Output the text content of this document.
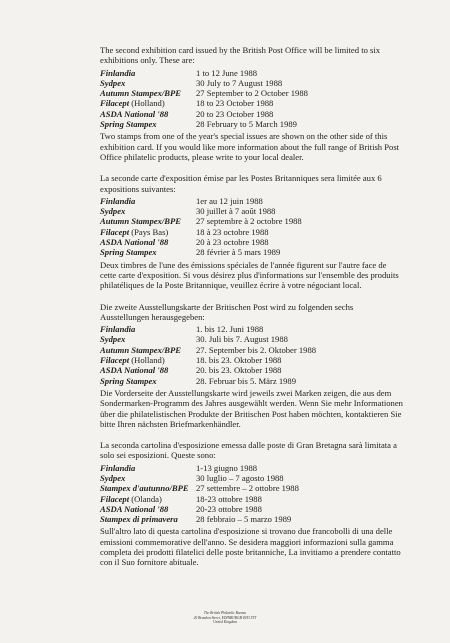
The second exhibition card issued by the British Post Office will be limited to six exhibitions only. These are:

Finlandia	1 to 12 June 1988
Sydpex	30 July to 7 August 1988
Autumn Stampex/BPE	27 September to 2 October 1988
Filacept (Holland)	18 to 23 October 1988
ASDA National '88	20 to 23 October 1988
Spring Stampex	28 February to 5 March 1989

Two stamps from one of the year's special issues are shown on the other side of this exhibition card. If you would like more information about the full range of British Post Office philatelic products, please write to your local dealer.

La seconde carte d'exposition émise par les Postes Britanniques sera limitée aux 6 expositions suivantes:

Finlandia	1er au 12 juin 1988
Sydpex	30 juillet à 7 août 1988
Autumn Stampex/BPE	27 septembre à 2 octobre 1988
Filacept (Pays Bas)	18 à 23 octobre 1988
ASDA National '88	20 à 23 octobre 1988
Spring Stampex	28 février à 5 mars 1989

Deux timbres de l'une des émissions spéciales de l'année figurent sur l'autre face de cette carte d'exposition. Si vous désirez plus d'informations sur l'ensemble des produits philatéliques de la Poste Britannique, veuillez écrire à votre négociant local.

Die zweite Ausstellungskarte der Britischen Post wird zu folgenden sechs Ausstellungen herausgegeben:

Finlandia	1. bis 12. Juni 1988
Sydpex	30. Juli bis 7. August 1988
Autumn Stampex/BPE	27. September bis 2. Oktober 1988
Filacept (Holland)	18. bis 23. Oktober 1988
ASDA National '88	20. bis 23. Oktober 1988
Spring Stampex	28. Februar bis 5. März 1989

Die Vorderseite der Ausstellungskarte wird jeweils zwei Marken zeigen, die aus dem Sondermarken-Programm des Jahres ausgewählt werden. Wenn Sie mehr Informationen über die philatelistischen Produkte der Britischen Post haben möchten, kontaktieren Sie bitte Ihren nächsten Briefmarkenhändler.

La seconda cartolina d'esposizione emessa dalle poste di Gran Bretagna sarà limitata a solo sei esposizioni. Queste sono:

Finlandia	1-13 giugno 1988
Sydpex	30 luglio – 7 agosto 1988
Stampex d'autunno/BPE 27 settembre – 2 ottobre 1988
Filacept (Olanda)	18-23 ottobre 1988
ASDA National '88	20-23 ottobre 1988
Stampex di primavera	28 febbraio – 5 marzo 1989

Sull'altro lato di questa cartolina d'esposizione si trovano due francobolli di una delle emissioni commemorative dell'anno. Se desidera maggiori informazioni sulla gamma completa dei prodotti filatelici delle poste britanniche, La invitiamo a prendere contatto con il Suo fornitore abituale.

The British Philatelic Bureau
20 Brandon Street, EDINBURGH EH3 5TT
United Kingdom
